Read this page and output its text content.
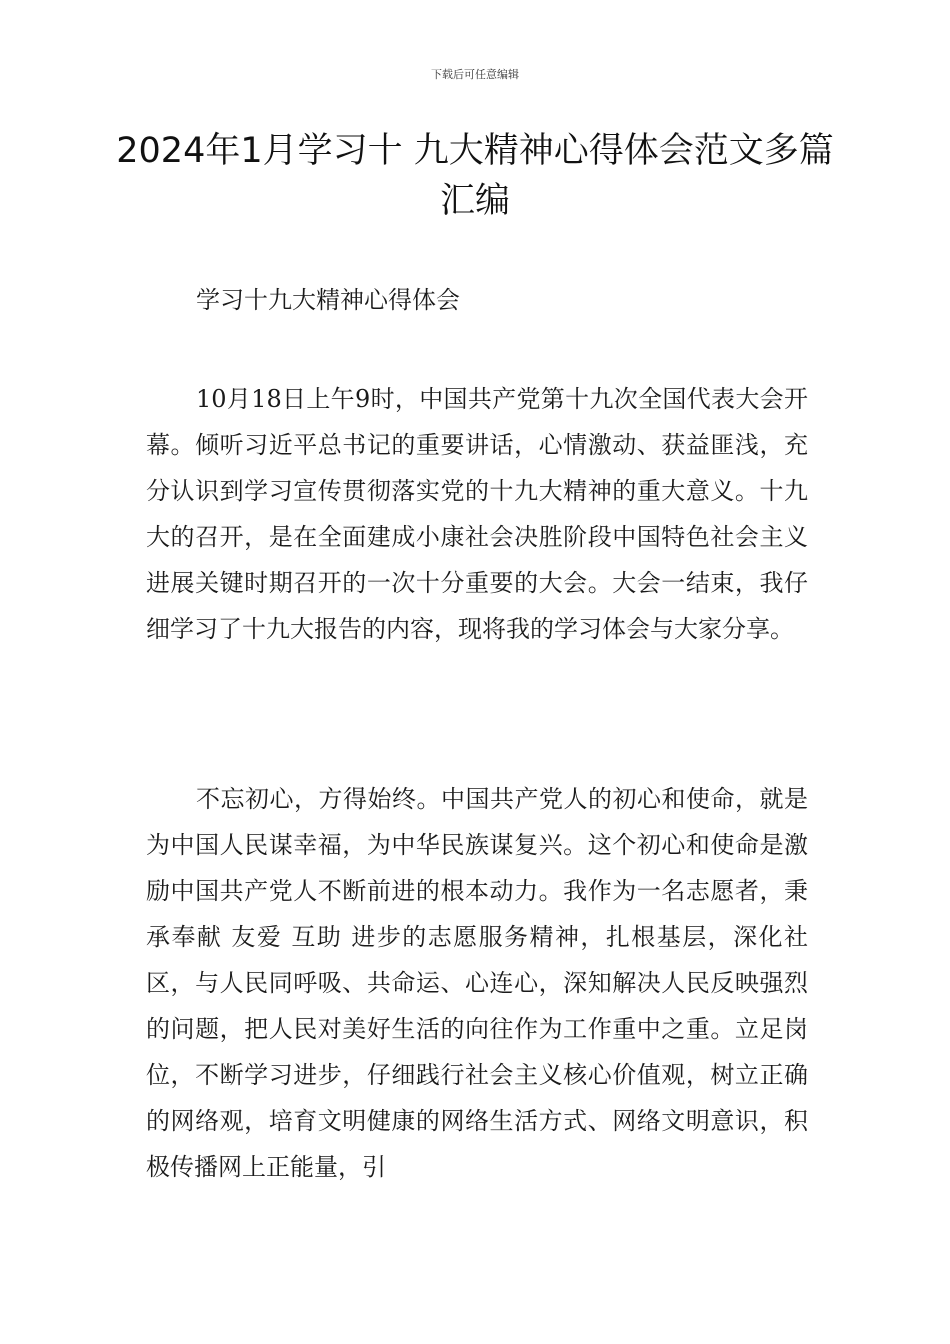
下载后可任意编辑
2024年1月学习十 九大精神心得体会范文多篇汇编

学习十九大精神心得体会

10月18日上午9时，中国共产党第十九次全国代表大会开幕。倾听习近平总书记的重要讲话，心情激动、获益匪浅，充分认识到学习宣传贯彻落实党的十九大精神的重大意义。十九大的召开，是在全面建成小康社会决胜阶段中国特色社会主义进展关键时期召开的一次十分重要的大会。大会一结束，我仔细学习了十九大报告的内容，现将我的学习体会与大家分享。

不忘初心，方得始终。中国共产党人的初心和使命，就是为中国人民谋幸福，为中华民族谋复兴。这个初心和使命是激励中国共产党人不断前进的根本动力。我作为一名志愿者，秉承奉献 友爱 互助 进步的志愿服务精神，扎根基层，深化社区，与人民同呼吸、共命运、心连心，深知解决人民反映强烈的问题，把人民对美好生活的向往作为工作重中之重。立足岗位，不断学习进步，仔细践行社会主义核心价值观，树立正确的网络观，培育文明健康的网络生活方式、网络文明意识，积极传播网上正能量，引
